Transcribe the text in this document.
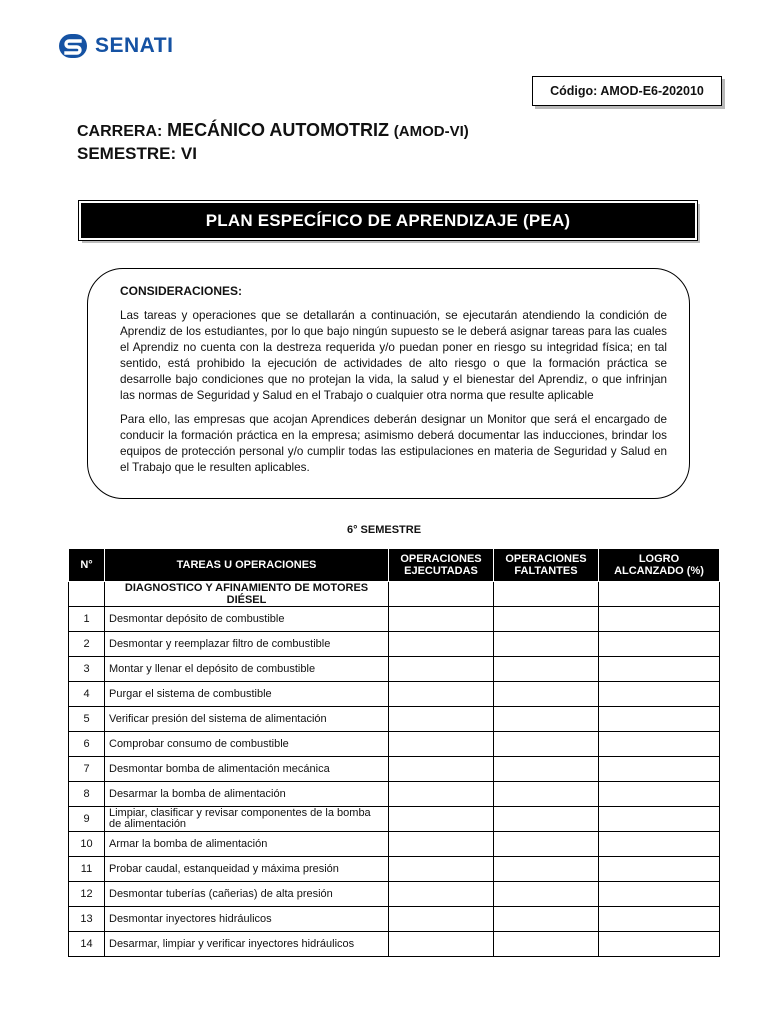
SENATI
Código: AMOD-E6-202010
CARRERA: MECÁNICO AUTOMOTRIZ (AMOD-VI)
SEMESTRE: VI
PLAN ESPECÍFICO DE APRENDIZAJE (PEA)
CONSIDERACIONES:

Las tareas y operaciones que se detallarán a continuación, se ejecutarán atendiendo la condición de Aprendiz de los estudiantes, por lo que bajo ningún supuesto se le deberá asignar tareas para las cuales el Aprendiz no cuenta con la destreza requerida y/o puedan poner en riesgo su integridad física; en tal sentido, está prohibido la ejecución de actividades de alto riesgo o que la formación práctica se desarrolle bajo condiciones que no protejan la vida, la salud y el bienestar del Aprendiz, o que infrinjan las normas de Seguridad y Salud en el Trabajo o cualquier otra norma que resulte aplicable

Para ello, las empresas que acojan Aprendices deberán designar un Monitor que será el encargado de conducir la formación práctica en la empresa; asimismo deberá documentar las inducciones, brindar los equipos de protección personal y/o cumplir todas las estipulaciones en materia de Seguridad y Salud en el Trabajo que le resulten aplicables.

6° SEMESTRE
N°	TAREAS U OPERACIONES	OPERACIONES EJECUTADAS	OPERACIONES FALTANTES	LOGRO ALCANZADO (%)
	DIAGNOSTICO Y AFINAMIENTO DE MOTORES DIÉSEL			
1	Desmontar depósito de combustible			
2	Desmontar y reemplazar filtro de combustible			
3	Montar y llenar el depósito de combustible			
4	Purgar el sistema de combustible			
5	Verificar presión del sistema de alimentación			
6	Comprobar consumo de combustible			
7	Desmontar bomba de alimentación mecánica			
8	Desarmar la bomba de alimentación			
9	Limpiar, clasificar y revisar componentes de la bomba de alimentación			
10	Armar la bomba de alimentación			
11	Probar caudal, estanqueidad y máxima presión			
12	Desmontar tuberías (cañerias) de alta presión			
13	Desmontar inyectores hidráulicos			
14	Desarmar, limpiar y verificar inyectores hidráulicos			
